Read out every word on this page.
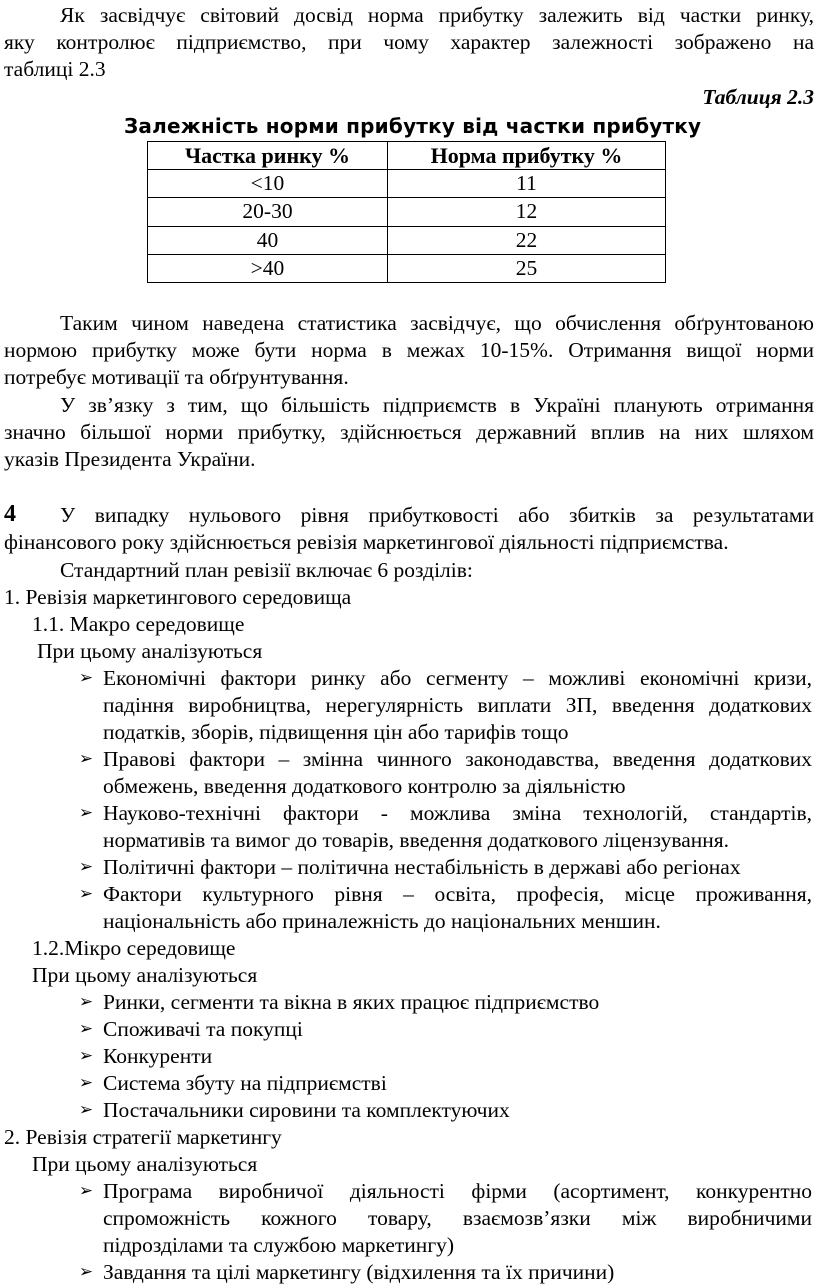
Як засвідчує світовий досвід норма прибутку залежить від частки ринку,
яку контролює підприємство, при чому характер залежності зображено на
таблиці 2.3
Таблиця 2.3
Залежність норми прибутку від частки прибутку
Частка ринку %	Норма прибутку %
<10	11
20-30	12
40	22
>40	25
Таким чином наведена статистика засвідчує, що обчислення обґрунтованою
нормою прибутку може бути норма в межах 10-15%. Отримання вищої норми
потребує мотивації та обґрунтування.
У зв’язку з тим, що більшість підприємств в Україні планують отримання
значно більшої норми прибутку, здійснюється державний вплив на них шляхом
указів Президента України.
4	У випадку нульового рівня прибутковості або збитків за результатами
фінансового року здійснюється ревізія маркетингової діяльності підприємства.
Стандартний план ревізії включає 6 розділів:
1. Ревізія маркетингового середовища
1.1. Макро середовище
При цьому аналізуються
➢ Економічні фактори ринку або сегменту – можливі економічні кризи,
падіння виробництва, нерегулярність виплати ЗП, введення додаткових
податків, зборів, підвищення цін або тарифів тощо
➢ Правові фактори – змінна чинного законодавства, введення додаткових
обмежень, введення додаткового контролю за діяльністю
➢ Науково-технічні фактори - можлива зміна технологій, стандартів,
нормативів та вимог до товарів, введення додаткового ліцензування.
➢ Політичні фактори – політична нестабільність в державі або регіонах
➢ Фактори культурного рівня – освіта, професія, місце проживання,
національність або приналежність до національних меншин.
1.2.Мікро середовище
При цьому аналізуються
➢ Ринки, сегменти та вікна в яких працює підприємство
➢ Споживачі та покупці
➢ Конкуренти
➢ Система збуту на підприємстві
➢ Постачальники сировини та комплектуючих
2. Ревізія стратегії маркетингу
При цьому аналізуються
➢ Програма виробничої діяльності фірми (асортимент, конкурентно
спроможність кожного товару, взаємозв’язки між виробничими
підрозділами та службою маркетингу)
➢ Завдання та цілі маркетингу (відхилення та їх причини)
